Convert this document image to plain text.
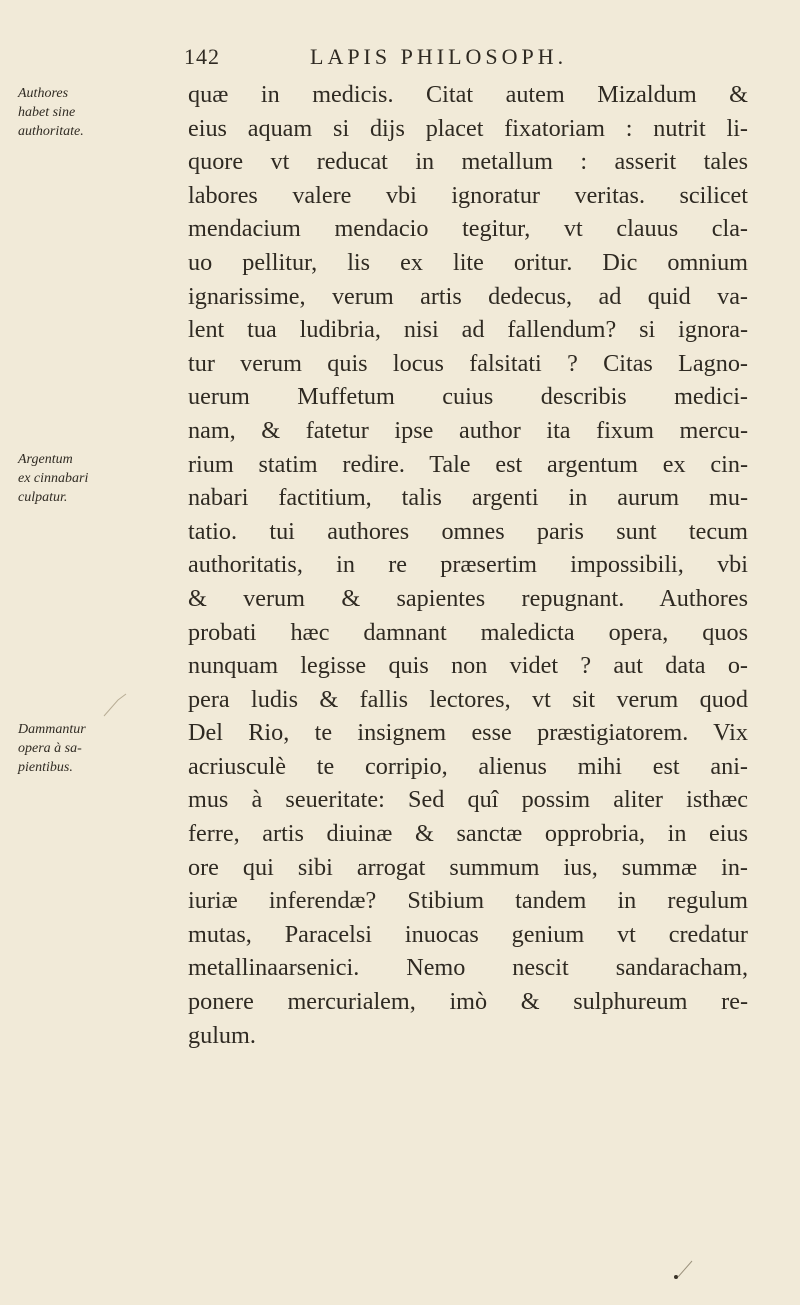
142	LAPIS PHILOSOPH.
Authores
habet sine
authoritate.
Argentum
ex cinnabari
culpatur.
Dammantur
opera à sa-
pientibus.
quæ in medicis. Citat autem Mizaldum &
eius aquam si dijs placet fixatoriam : nutrit li-
quore vt reducat in metallum : asserit tales
labores valere vbi ignoratur veritas. scilicet
mendacium mendacio tegitur, vt clauus cla-
uo pellitur, lis ex lite oritur. Dic omnium
ignarissime, verum artis dedecus, ad quid va-
lent tua ludibria, nisi ad fallendum? si ignora-
tur verum quis locus falsitati ? Citas Lagno-
uerum Muffetum cuius describis medici-
nam, & fatetur ipse author ita fixum mercu-
rium statim redire. Tale est argentum ex cin-
nabari factitium, talis argenti in aurum mu-
tatio. tui authores omnes paris sunt tecum
authoritatis, in re præsertim impossibili, vbi
& verum & sapientes repugnant. Authores
probati hæc damnant maledicta opera, quos
nunquam legisse quis non videt ? aut data o-
pera ludis & fallis lectores, vt sit verum quod
Del Rio, te insignem esse præstigiatorem. Vix
acriusculè te corripio, alienus mihi est ani-
mus à seueritate: Sed quî possim aliter isthæc
ferre, artis diuinæ & sanctæ opprobria, in eius
ore qui sibi arrogat summum ius, summæ in-
iuriæ inferendæ? Stibium tandem in regulum
mutas, Paracelsi inuocas genium vt credatur
metallinaarsenici. Nemo nescit sandaracham,
ponere mercurialem, imò & sulphureum re-
gulum.
